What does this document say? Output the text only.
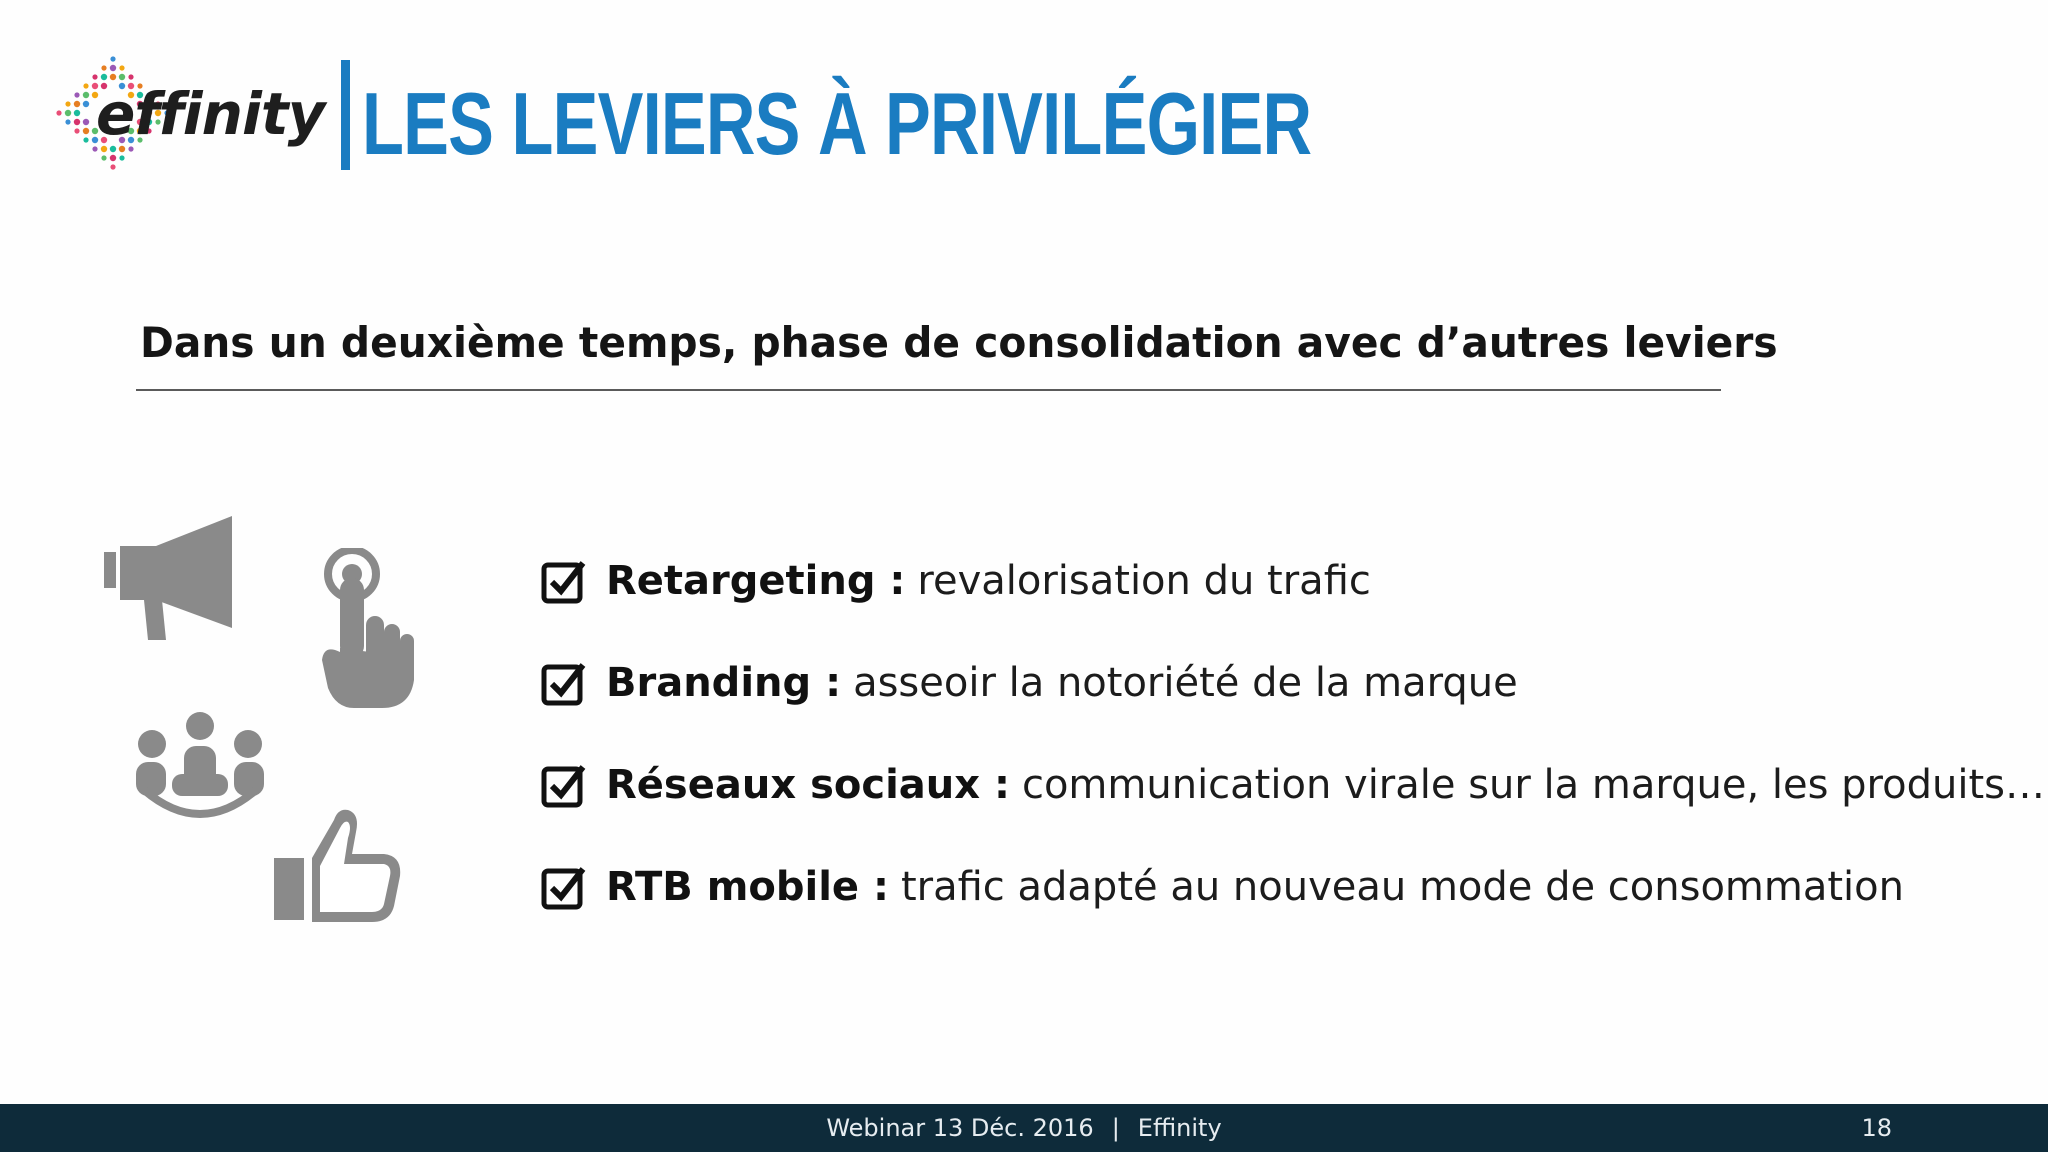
effinity LES LEVIERS À PRIVILÉGIER
Dans un deuxième temps, phase de consolidation avec d’autres leviers
Retargeting : revalorisation du trafic
Branding : asseoir la notoriété de la marque
Réseaux sociaux : communication virale sur la marque, les produits…
RTB mobile : trafic adapté au nouveau mode de consommation
Webinar 13 Déc. 2016 | Effinity	18
